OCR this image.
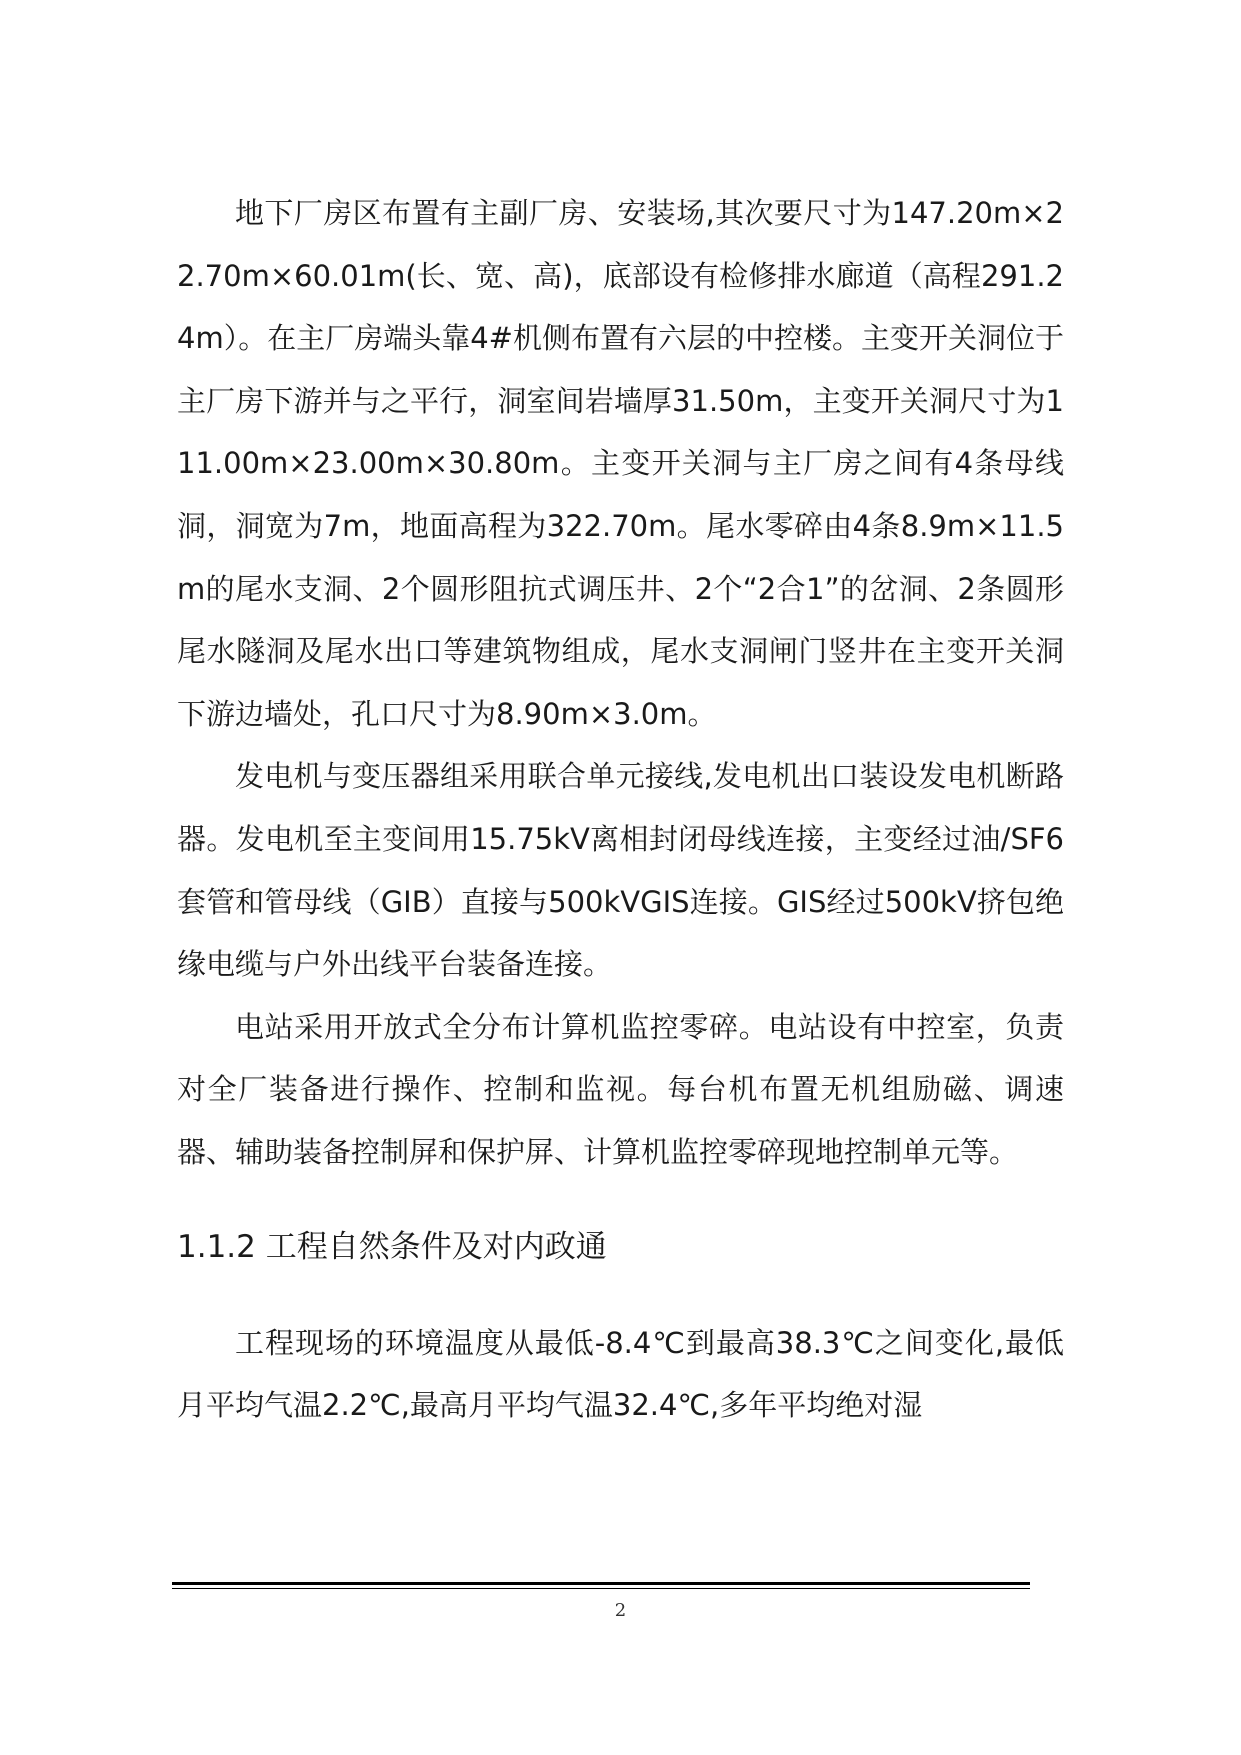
地下厂房区布置有主副厂房、安装场,其次要尺寸为147.20m×22.70m×60.01m(长、宽、高)，底部设有检修排水廊道（高程291.24m）。在主厂房端头靠4#机侧布置有六层的中控楼。主变开关洞位于主厂房下游并与之平行，洞室间岩墙厚31.50m，主变开关洞尺寸为111.00m×23.00m×30.80m。主变开关洞与主厂房之间有4条母线洞，洞宽为7m，地面高程为322.70m。尾水零碎由4条8.9m×11.5m的尾水支洞、2个圆形阻抗式调压井、2个“2合1”的岔洞、2条圆形尾水隧洞及尾水出口等建筑物组成，尾水支洞闸门竖井在主变开关洞下游边墙处，孔口尺寸为8.90m×3.0m。

发电机与变压器组采用联合单元接线,发电机出口装设发电机断路器。发电机至主变间用15.75kV离相封闭母线连接，主变经过油/SF6套管和管母线（GIB）直接与500kVGIS连接。GIS经过500kV挤包绝缘电缆与户外出线平台装备连接。

电站采用开放式全分布计算机监控零碎。电站设有中控室，负责对全厂装备进行操作、控制和监视。每台机布置无机组励磁、调速器、辅助装备控制屏和保护屏、计算机监控零碎现地控制单元等。

1.1.2 工程自然条件及对内政通

工程现场的环境温度从最低-8.4℃到最高38.3℃之间变化,最低月平均气温2.2℃,最高月平均气温32.4℃,多年平均绝对湿

2
